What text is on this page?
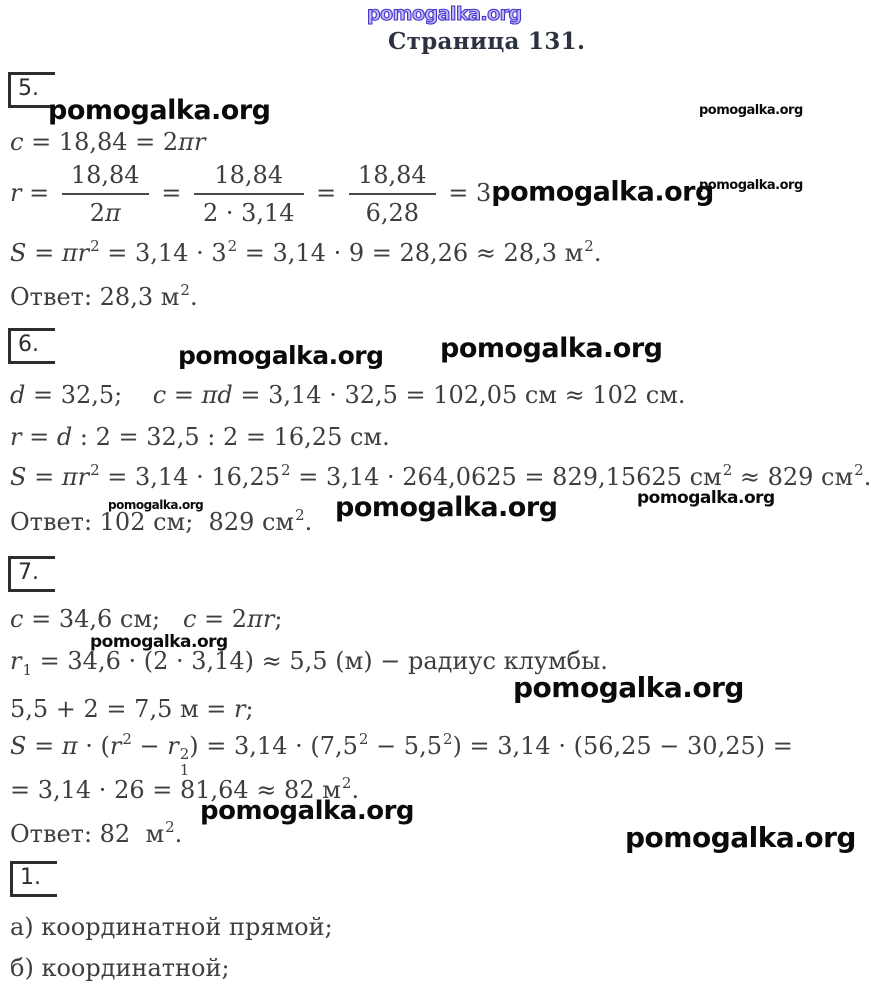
pomogalka.org
Страница 131.
5.
pomogalka.org	pomogalka.org
c = 18,84 = 2πr
$r = \frac{18,84}{2\pi} = \frac{18,84}{2 \cdot 3,14} = \frac{18,84}{6,28}$ = 3pomogalka.org
pomogalka.org
$S = \pi r^2 = 3,14 \cdot 3^2 = 3,14 \cdot 9 = 28,26 \approx 28,3$ $м^2$.
Ответ: 28,3 $м^2$.
6.	pomogalka.org pomogalka.org
d = 32,5;    c = πd = 3,14 · 32,5 = 102,05 см ≈ 102 см.
r = d : 2 = 32,5 : 2 = 16,25 см.
$S = \pi r^2 = 3,14 \cdot 16,25^2 = 3,14 \cdot 264,0625 = 829,15625$ $см^2 \approx 829$ $см^2$.
pomogalka.org	pomogalka.org	pomogalka.org
Ответ: 102 см;  829 $см^2$.
7.
c = 34,6 см;   c = 2πr;
pomogalka.org
$r_1 = 34,6 \cdot (2 \cdot 3,14) \approx 5,5$ (м) − радиус клумбы.
pomogalka.org
5,5 + 2 = 7,5 м = r;
$S = \pi \cdot (r^2 - r$ 2
1
) = $3,14 \cdot (7,5^2 - 5,5^2) = 3,14 \cdot (56,25 - 30,25)$ =
= 3,14 · 26 = 81,64 ≈ 82 $м^2$.
pomogalka.org
Ответ: 82  $м^2$.	pomogalka.org
1.
а) координатной прямой;
б) координатной;
